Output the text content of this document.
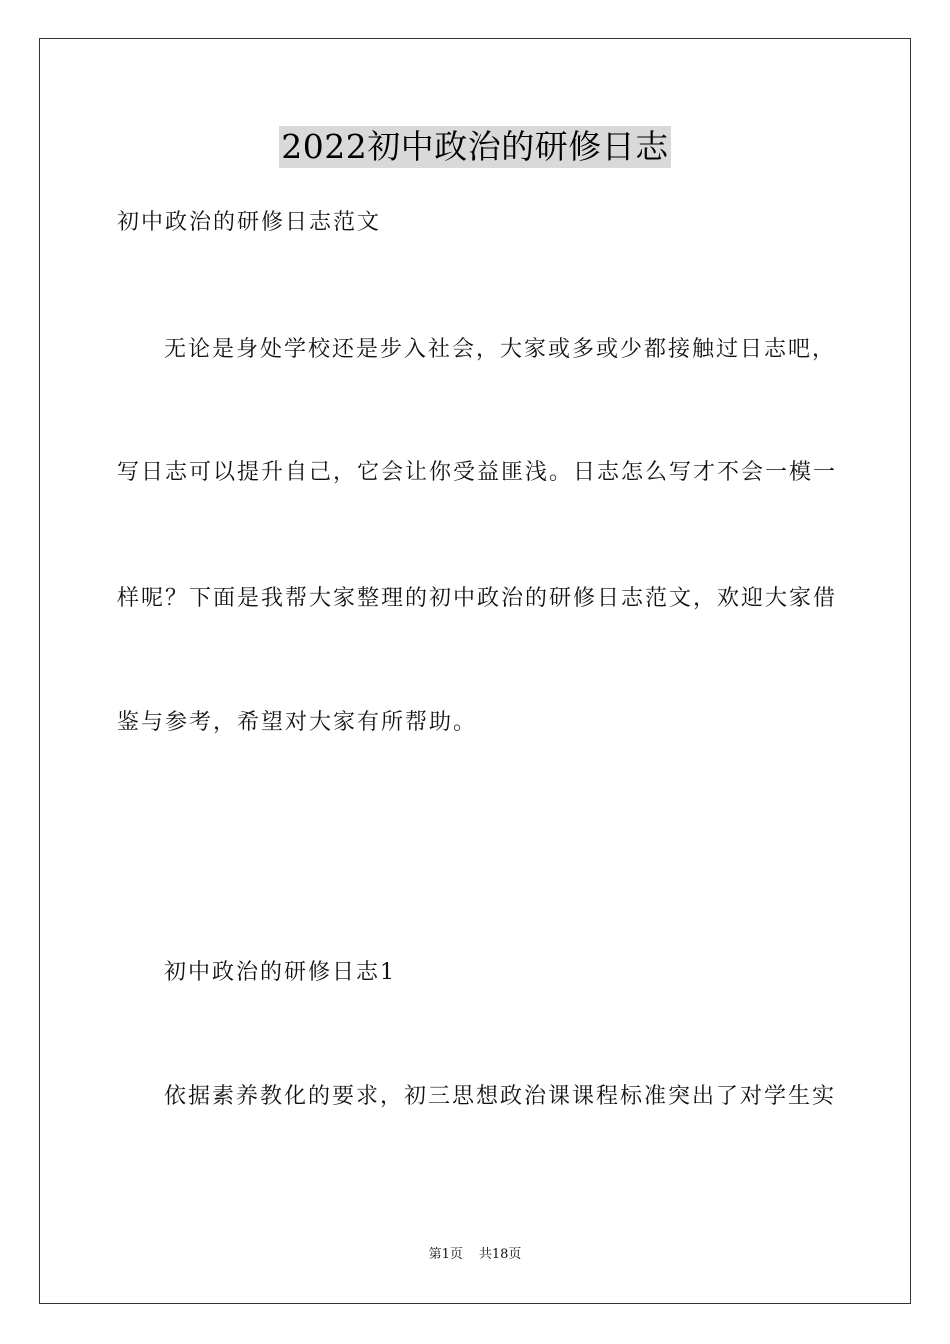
2022初中政治的研修日志
初中政治的研修日志范文
无论是身处学校还是步入社会，大家或多或少都接触过日志吧，
写日志可以提升自己，它会让你受益匪浅。日志怎么写才不会一模一
样呢？下面是我帮大家整理的初中政治的研修日志范文，欢迎大家借
鉴与参考，希望对大家有所帮助。
初中政治的研修日志1
依据素养教化的要求，初三思想政治课课程标准突出了对学生实
第1页 共18页
